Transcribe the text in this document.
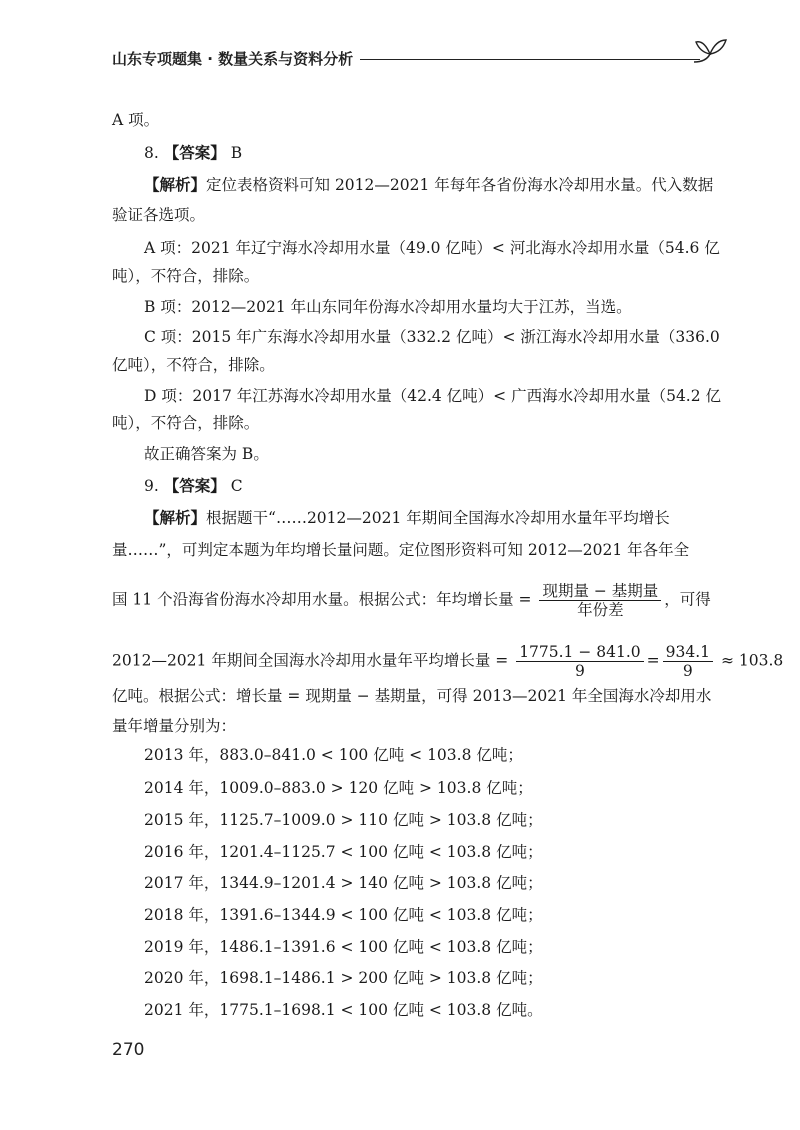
山东专项题集 · 数量关系与资料分析
A 项。
8. 【答案】 B
【解析】定位表格资料可知 2012—2021 年每年各省份海水冷却用水量。代入数据
验证各选项。
A 项：2021 年辽宁海水冷却用水量（49.0 亿吨）< 河北海水冷却用水量（54.6 亿
吨），不符合，排除。
B 项：2012—2021 年山东同年份海水冷却用水量均大于江苏，当选。
C 项：2015 年广东海水冷却用水量（332.2 亿吨）< 浙江海水冷却用水量（336.0
亿吨），不符合，排除。
D 项：2017 年江苏海水冷却用水量（42.4 亿吨）< 广西海水冷却用水量（54.2 亿
吨），不符合，排除。
故正确答案为 B。
9. 【答案】 C
【解析】根据题干“……2012—2021 年期间全国海水冷却用水量年平均增长
量……”，可判定本题为年均增长量问题。定位图形资料可知 2012—2021 年各年全
国 11 个沿海省份海水冷却用水量。根据公式：年均增长量 = $\frac{\text{现期量 − 基期量}}{\text{年份差}}$ ，可得
2012—2021 年期间全国海水冷却用水量年平均增长量 = $\frac{1775.1 - 841.0}{9} = \frac{934.1}{9} \approx 103.8$
亿吨。根据公式：增长量 = 现期量 − 基期量，可得 2013—2021 年全国海水冷却用水
量年增量分别为：
2013 年，883.0–841.0 < 100 亿吨 < 103.8 亿吨；
2014 年，1009.0–883.0 > 120 亿吨 > 103.8 亿吨；
2015 年，1125.7–1009.0 > 110 亿吨 > 103.8 亿吨；
2016 年，1201.4–1125.7 < 100 亿吨 < 103.8 亿吨；
2017 年，1344.9–1201.4 > 140 亿吨 > 103.8 亿吨；
2018 年，1391.6–1344.9 < 100 亿吨 < 103.8 亿吨；
2019 年，1486.1–1391.6 < 100 亿吨 < 103.8 亿吨；
2020 年，1698.1–1486.1 > 200 亿吨 > 103.8 亿吨；
2021 年，1775.1–1698.1 < 100 亿吨 < 103.8 亿吨。
270
